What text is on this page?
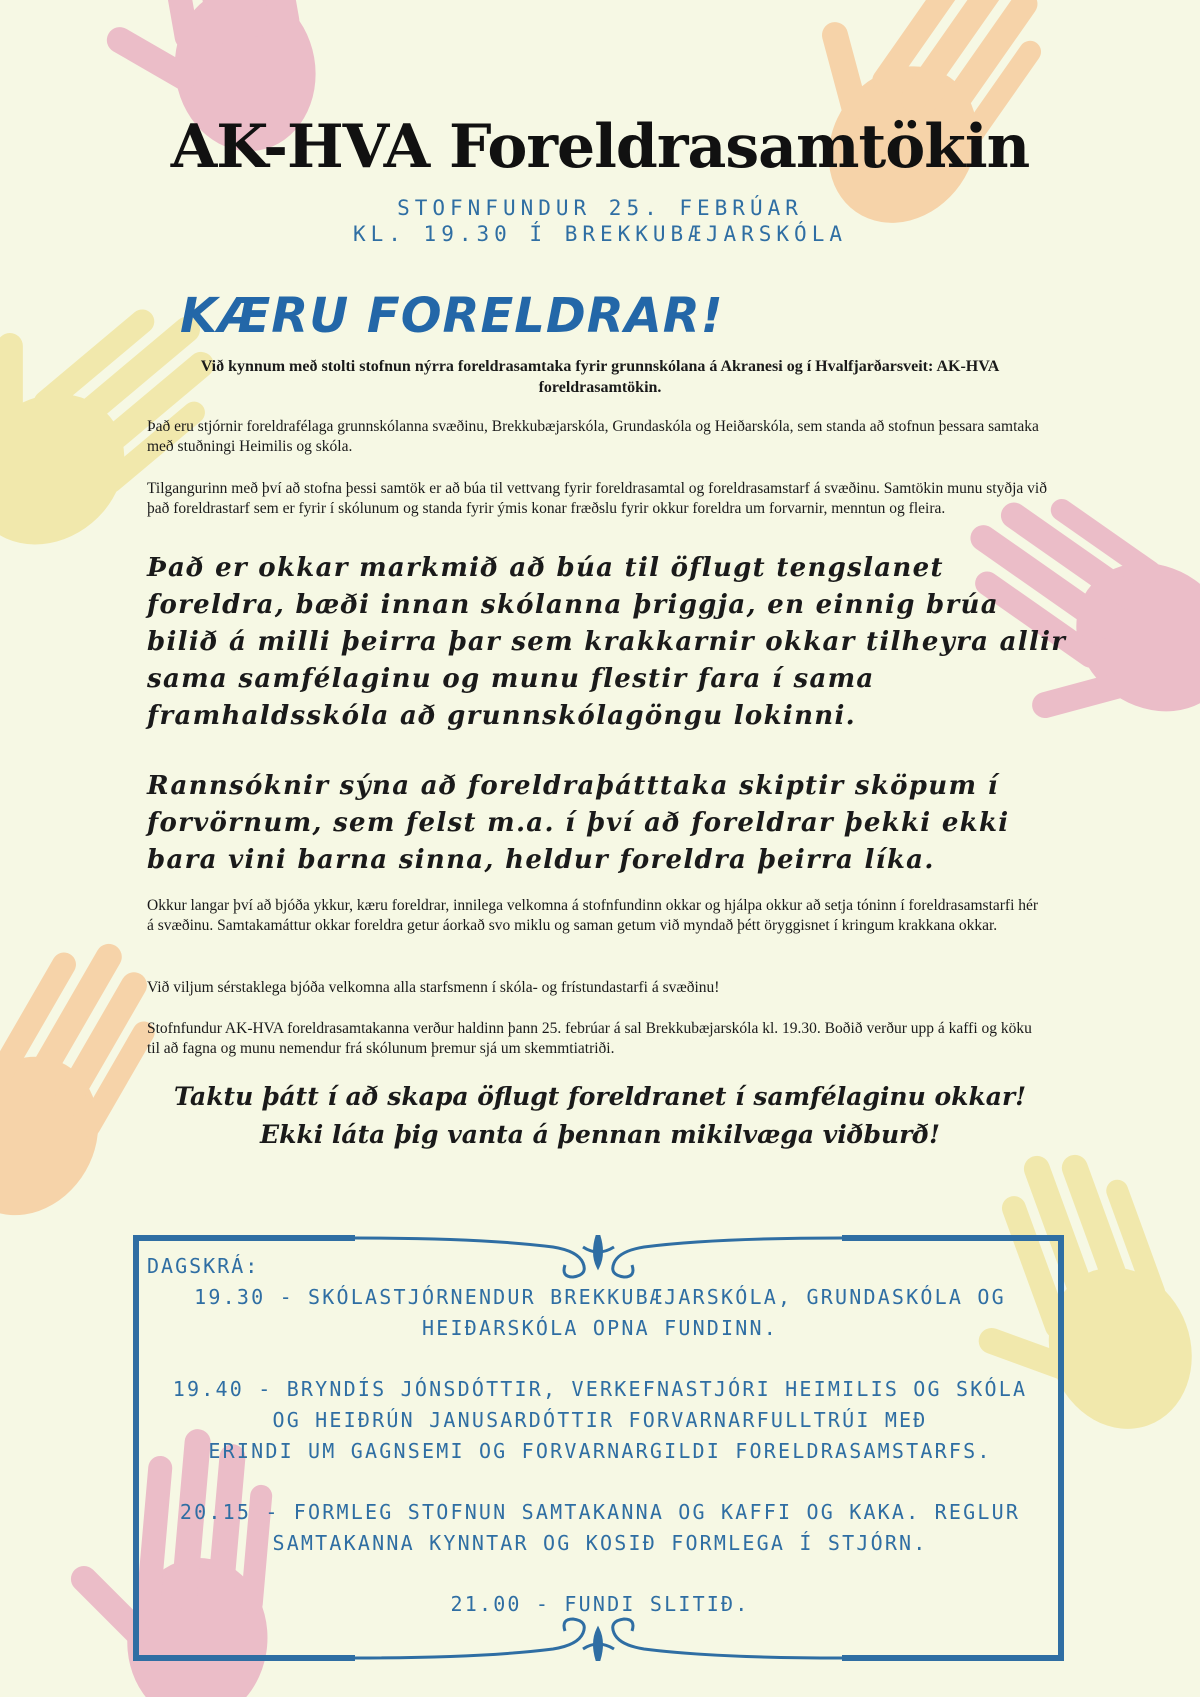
AK-HVA Foreldrasamtökin
STOFNFUNDUR 25. FEBRÚAR
KL. 19.30 Í BREKKUBÆJARSKÓLA
KÆRU FORELDRAR!
Við kynnum með stolti stofnun nýrra foreldrasamtaka fyrir grunnskólana á Akranesi og í Hvalfjarðarsveit: AK-HVA foreldrasamtökin.
Það eru stjórnir foreldrafélaga grunnskólanna svæðinu, Brekkubæjarskóla, Grundaskóla og Heiðarskóla, sem standa að stofnun þessara samtaka með stuðningi Heimilis og skóla.
Tilgangurinn með því að stofna þessi samtök er að búa til vettvang fyrir foreldrasamtal og foreldrasamstarf á svæðinu. Samtökin munu styðja við það foreldrastarf sem er fyrir í skólunum og standa fyrir ýmis konar fræðslu fyrir okkur foreldra um forvarnir, menntun og fleira.
Það er okkar markmið að búa til öflugt tengslanet foreldra, bæði innan skólanna þriggja, en einnig brúa bilið á milli þeirra þar sem krakkarnir okkar tilheyra allir sama samfélaginu og munu flestir fara í sama framhaldsskóla að grunnskólagöngu lokinni.
Rannsóknir sýna að foreldraþátttaka skiptir sköpum í forvörnum, sem felst m.a. í því að foreldrar þekki ekki bara vini barna sinna, heldur foreldra þeirra líka.
Okkur langar því að bjóða ykkur, kæru foreldrar, innilega velkomna á stofnfundinn okkar og hjálpa okkur að setja tóninn í foreldrasamstarfi hér á svæðinu. Samtakamáttur okkar foreldra getur áorkað svo miklu og saman getum við myndað þétt öryggisnet í kringum krakkana okkar.
Við viljum sérstaklega bjóða velkomna alla starfsmenn í skóla- og frístundastarfi á svæðinu!
Stofnfundur AK-HVA foreldrasamtakanna verður haldinn þann 25. febrúar á sal Brekkubæjarskóla kl. 19.30. Boðið verður upp á kaffi og köku til að fagna og munu nemendur frá skólunum þremur sjá um skemmtiatriði.
Taktu þátt í að skapa öflugt foreldranet í samfélaginu okkar!
Ekki láta þig vanta á þennan mikilvæga viðburð!
DAGSKRÁ:
19.30 - SKÓLASTJÓRNENDUR BREKKUBÆJARSKÓLA, GRUNDASKÓLA OG
HEIÐARSKÓLA OPNA FUNDINN.
19.40 - BRYNDÍS JÓNSDÓTTIR, VERKEFNASTJÓRI HEIMILIS OG SKÓLA
OG HEIÐRÚN JANUSARDÓTTIR FORVARNARFULLTRÚI MEÐ
ERINDI UM GAGNSEMI OG FORVARNARGILDI FORELDRASAMSTARFS.
20.15 - FORMLEG STOFNUN SAMTAKANNA OG KAFFI OG KAKA. REGLUR
SAMTAKANNA KYNNTAR OG KOSIÐ FORMLEGA Í STJÓRN.
21.00 - FUNDI SLITIÐ.
